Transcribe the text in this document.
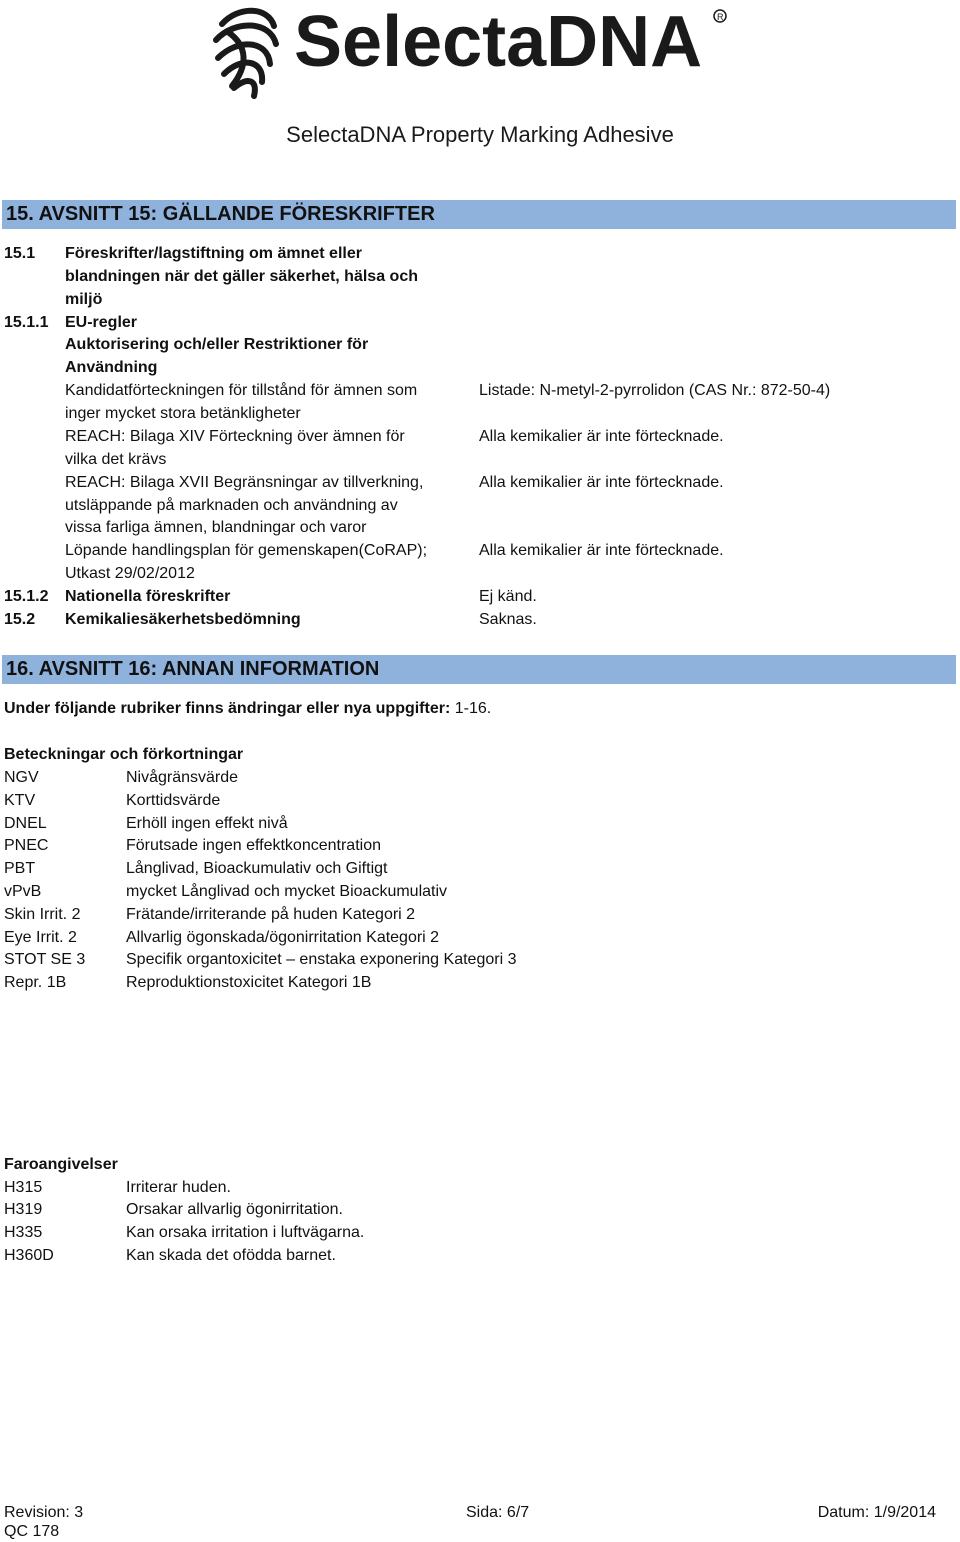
SelectaDNA R
SelectaDNA Property Marking Adhesive
15. AVSNITT 15: GÄLLANDE FÖRESKRIFTER
15.1 Föreskrifter/lagstiftning om ämnet eller
blandningen när det gäller säkerhet, hälsa och
miljö
15.1.1 EU-regler
Auktorisering och/eller Restriktioner för
Användning
Kandidatförteckningen för tillstånd för ämnen som	Listade: N-metyl-2-pyrrolidon (CAS Nr.: 872-50-4)
inger mycket stora betänkligheter
REACH: Bilaga XIV Förteckning över ämnen för	Alla kemikalier är inte förtecknade.
vilka det krävs
REACH: Bilaga XVII Begränsningar av tillverkning,	Alla kemikalier är inte förtecknade.
utsläppande på marknaden och användning av
vissa farliga ämnen, blandningar och varor
Löpande handlingsplan för gemenskapen(CoRAP);	Alla kemikalier är inte förtecknade.
Utkast 29/02/2012
15.1.2 Nationella föreskrifter	Ej känd.
15.2 Kemikaliesäkerhetsbedömning	Saknas.
16. AVSNITT 16: ANNAN INFORMATION
Under följande rubriker finns ändringar eller nya uppgifter: 1-16.
Beteckningar och förkortningar
NGV	Nivågränsvärde
KTV	Korttidsvärde
DNEL	Erhöll ingen effekt nivå
PNEC	Förutsade ingen effektkoncentration
PBT	Långlivad, Bioackumulativ och Giftigt
vPvB	mycket Långlivad och mycket Bioackumulativ
Skin Irrit. 2	Frätande/irriterande på huden Kategori 2
Eye Irrit. 2	Allvarlig ögonskada/ögonirritation Kategori 2
STOT SE 3	Specifik organtoxicitet – enstaka exponering Kategori 3
Repr. 1B	Reproduktionstoxicitet Kategori 1B
Faroangivelser
H315	Irriterar huden.
H319	Orsakar allvarlig ögonirritation.
H335	Kan orsaka irritation i luftvägarna.
H360D	Kan skada det ofödda barnet.
Revision: 3
QC 178
Sida: 6/7	Datum: 1/9/2014
